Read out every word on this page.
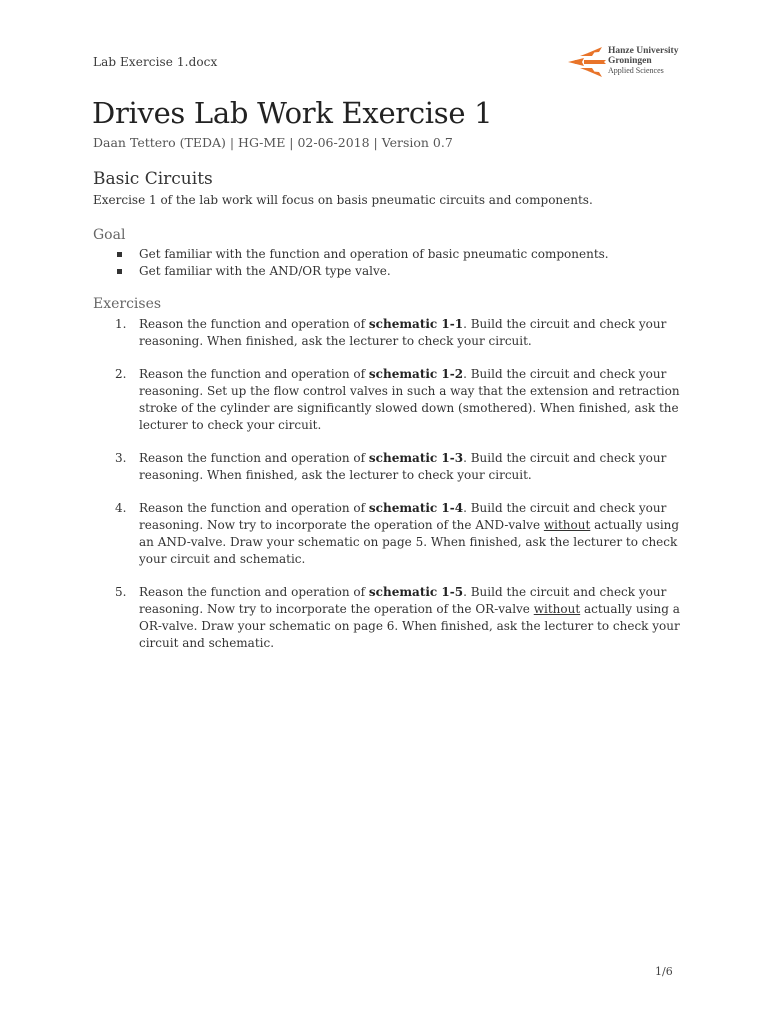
Lab Exercise 1.docx
Hanze University
Groningen
Applied Sciences
Drives Lab Work Exercise 1
Daan Tettero (TEDA) | HG-ME | 02-06-2018 | Version 0.7
Basic Circuits
Exercise 1 of the lab work will focus on basis pneumatic circuits and components.
Goal
Get familiar with the function and operation of basic pneumatic components.
Get familiar with the AND/OR type valve.
Exercises
1. Reason the function and operation of schematic 1-1. Build the circuit and check your reasoning. When finished, ask the lecturer to check your circuit.
2. Reason the function and operation of schematic 1-2. Build the circuit and check your reasoning. Set up the flow control valves in such a way that the extension and retraction stroke of the cylinder are significantly slowed down (smothered). When finished, ask the lecturer to check your circuit.
3. Reason the function and operation of schematic 1-3. Build the circuit and check your reasoning. When finished, ask the lecturer to check your circuit.
4. Reason the function and operation of schematic 1-4. Build the circuit and check your reasoning. Now try to incorporate the operation of the AND-valve without actually using an AND-valve. Draw your schematic on page 5. When finished, ask the lecturer to check your circuit and schematic.
5. Reason the function and operation of schematic 1-5. Build the circuit and check your reasoning. Now try to incorporate the operation of the OR-valve without actually using a OR-valve. Draw your schematic on page 6. When finished, ask the lecturer to check your circuit and schematic.
1/6
